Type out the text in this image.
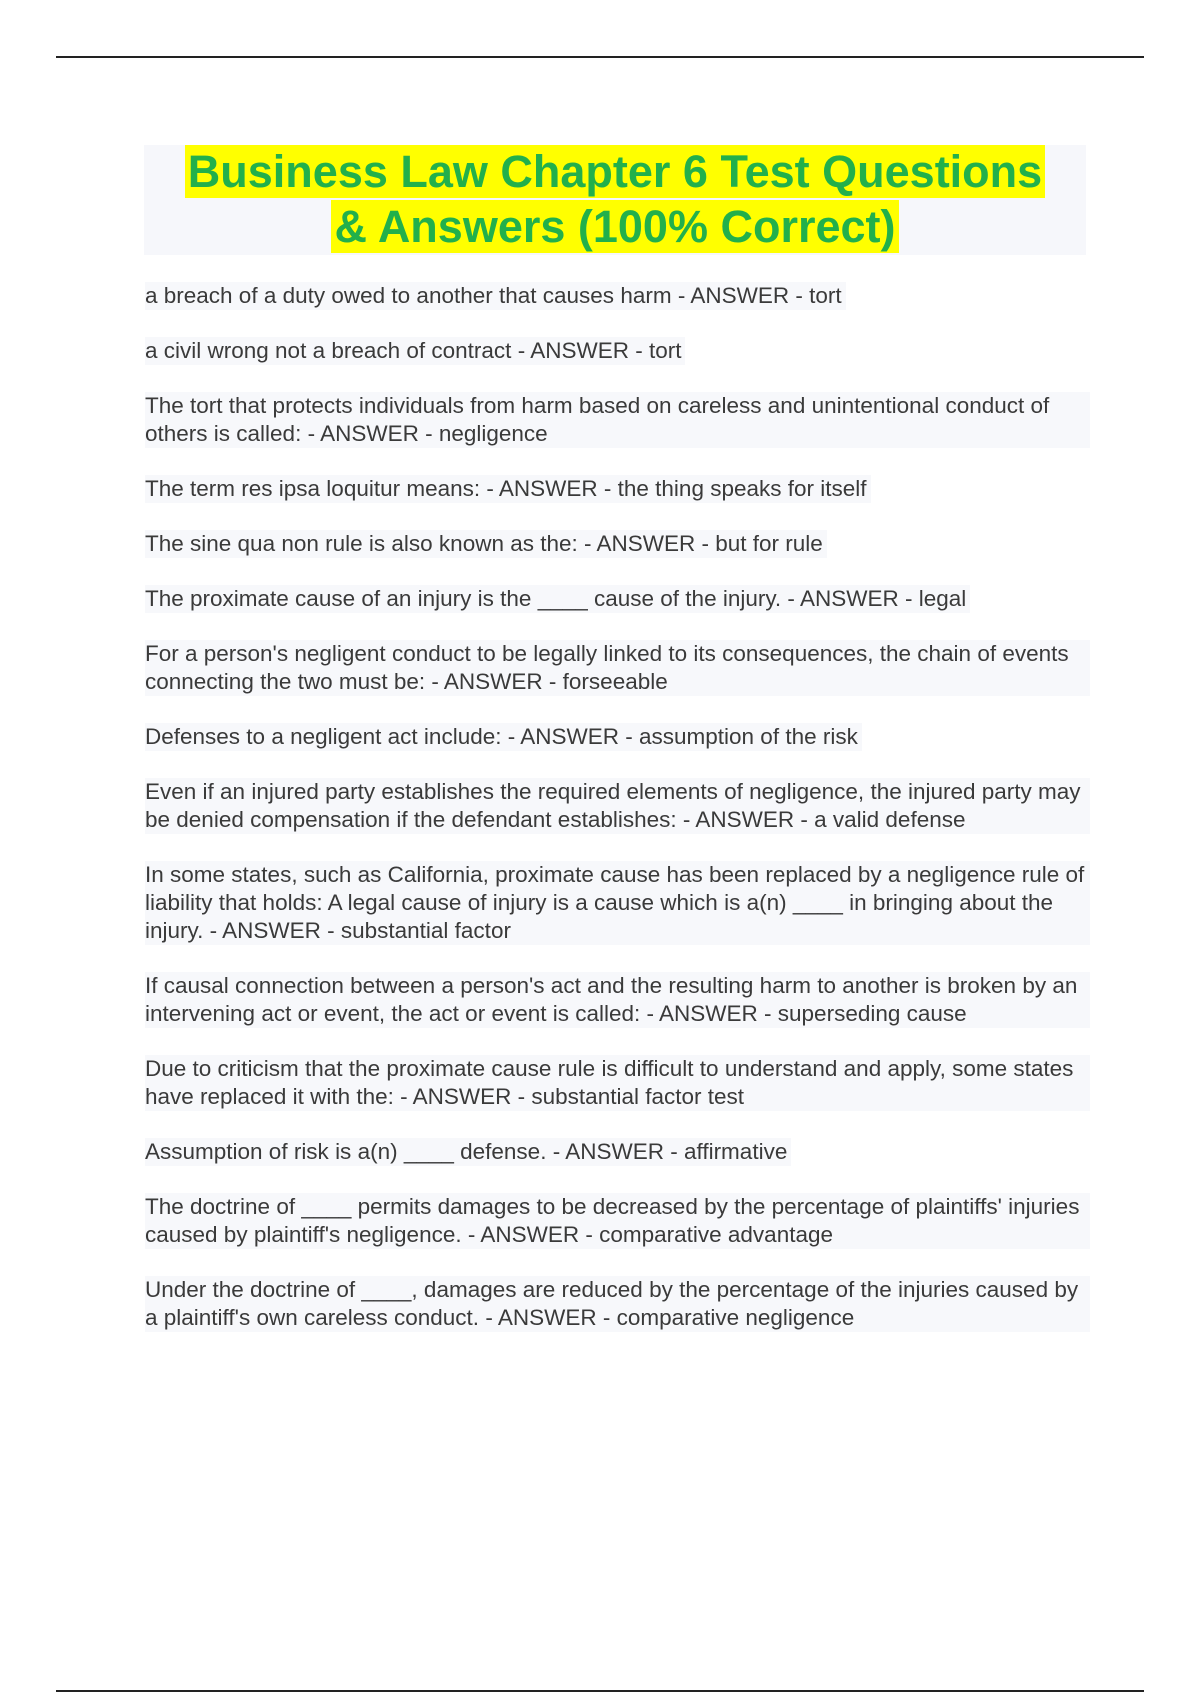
Business Law Chapter 6 Test Questions
& Answers (100% Correct)
a breach of a duty owed to another that causes harm - ANSWER - tort
a civil wrong not a breach of contract - ANSWER - tort
The tort that protects individuals from harm based on careless and unintentional conduct of others is called: - ANSWER - negligence
The term res ipsa loquitur means: - ANSWER - the thing speaks for itself
The sine qua non rule is also known as the: - ANSWER - but for rule
The proximate cause of an injury is the ____ cause of the injury. - ANSWER - legal
For a person's negligent conduct to be legally linked to its consequences, the chain of events connecting the two must be: - ANSWER - forseeable
Defenses to a negligent act include: - ANSWER - assumption of the risk
Even if an injured party establishes the required elements of negligence, the injured party may be denied compensation if the defendant establishes: - ANSWER - a valid defense
In some states, such as California, proximate cause has been replaced by a negligence rule of liability that holds: A legal cause of injury is a cause which is a(n) ____ in bringing about the injury. - ANSWER - substantial factor
If causal connection between a person's act and the resulting harm to another is broken by an intervening act or event, the act or event is called: - ANSWER - superseding cause
Due to criticism that the proximate cause rule is difficult to understand and apply, some states have replaced it with the: - ANSWER - substantial factor test
Assumption of risk is a(n) ____ defense. - ANSWER - affirmative
The doctrine of ____ permits damages to be decreased by the percentage of plaintiffs' injuries caused by plaintiff's negligence. - ANSWER - comparative advantage
Under the doctrine of ____, damages are reduced by the percentage of the injuries caused by a plaintiff's own careless conduct. - ANSWER - comparative negligence
